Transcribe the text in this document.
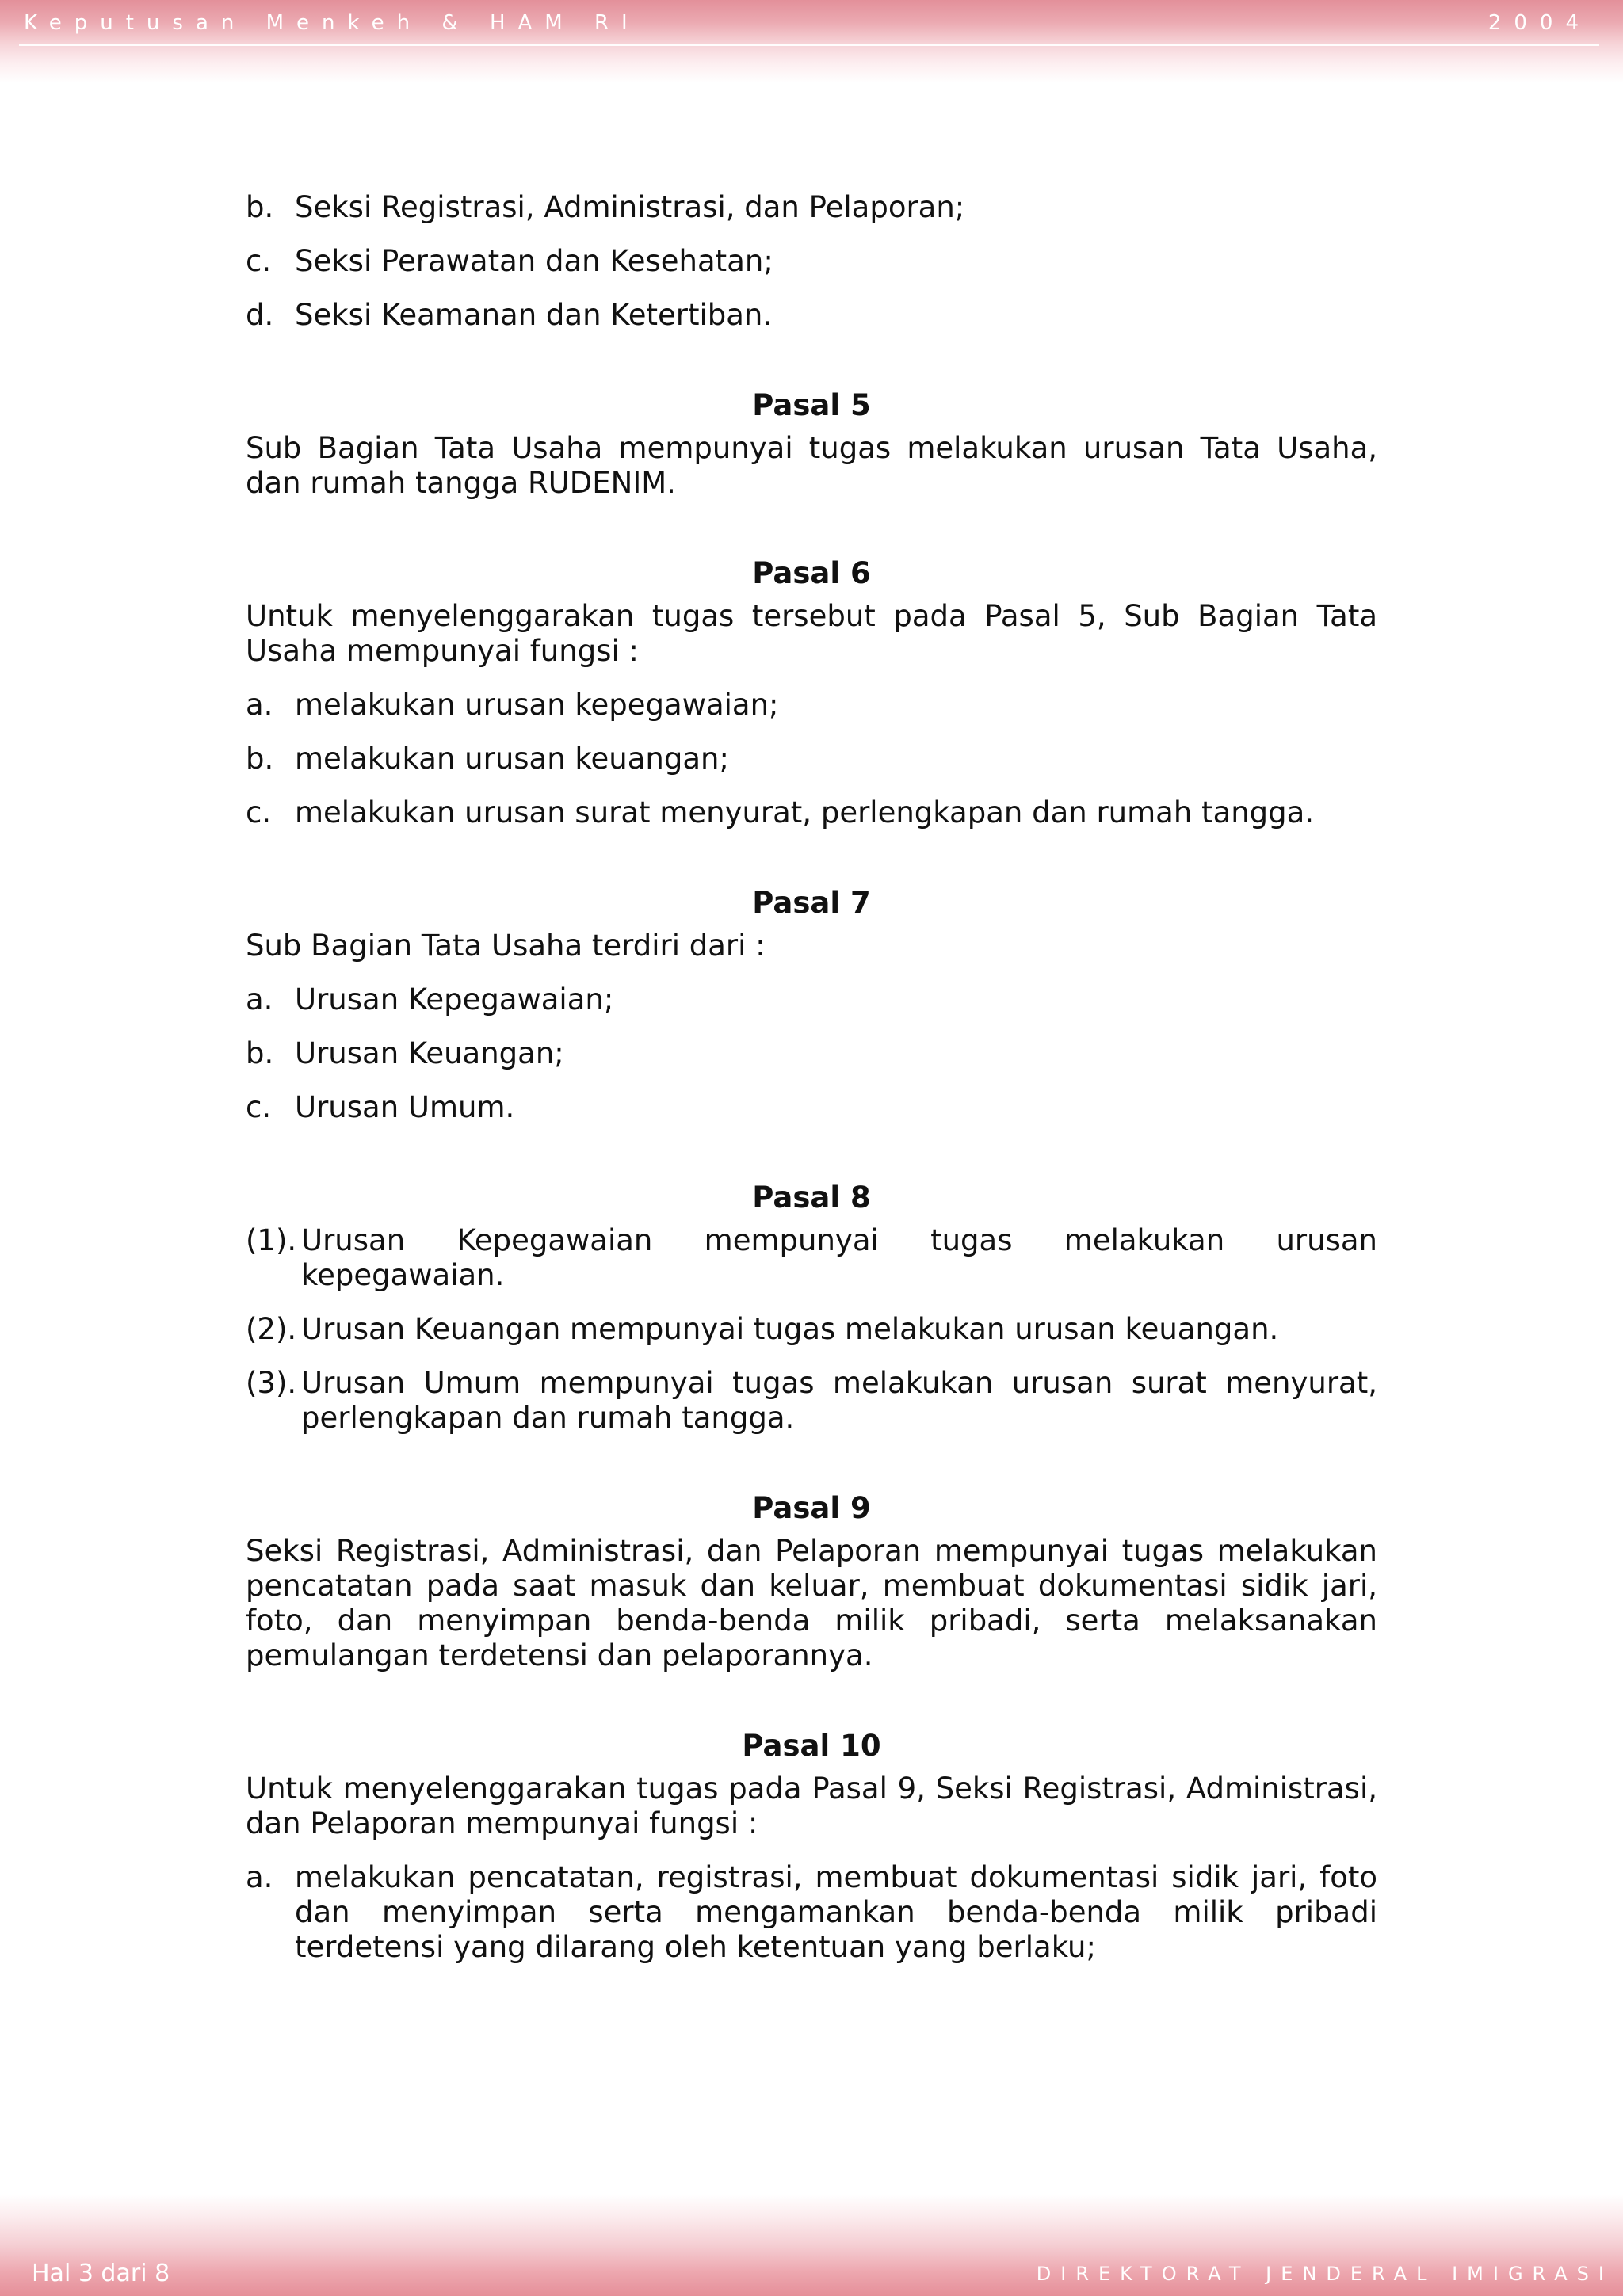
Keputusan Menkeh & HAM RI	2004
b. Seksi Registrasi, Administrasi, dan Pelaporan;
c. Seksi Perawatan dan Kesehatan;
d. Seksi Keamanan dan Ketertiban.
Pasal 5
Sub Bagian Tata Usaha mempunyai tugas melakukan urusan Tata Usaha, dan rumah tangga RUDENIM.
Pasal 6
Untuk menyelenggarakan tugas tersebut pada Pasal 5, Sub Bagian Tata Usaha mempunyai fungsi :
a. melakukan urusan kepegawaian;
b. melakukan urusan keuangan;
c. melakukan urusan surat menyurat, perlengkapan dan rumah tangga.
Pasal 7
Sub Bagian Tata Usaha terdiri dari :
a. Urusan Kepegawaian;
b. Urusan Keuangan;
c. Urusan Umum.
Pasal 8
(1). Urusan Kepegawaian mempunyai tugas melakukan urusan kepegawaian.
(2). Urusan Keuangan mempunyai tugas melakukan urusan keuangan.
(3). Urusan Umum mempunyai tugas melakukan urusan surat menyurat, perlengkapan dan rumah tangga.
Pasal 9
Seksi Registrasi, Administrasi, dan Pelaporan mempunyai tugas melakukan pencatatan pada saat masuk dan keluar, membuat dokumentasi sidik jari, foto, dan menyimpan benda-benda milik pribadi, serta melaksanakan pemulangan terdetensi dan pelaporannya.
Pasal 10
Untuk menyelenggarakan tugas pada Pasal 9, Seksi Registrasi, Administrasi, dan Pelaporan mempunyai fungsi :
a. melakukan pencatatan, registrasi, membuat dokumentasi sidik jari, foto dan menyimpan serta mengamankan benda-benda milik pribadi terdetensi yang dilarang oleh ketentuan yang berlaku;
Hal 3 dari 8	DIREKTORAT JENDERAL IMIGRASI
